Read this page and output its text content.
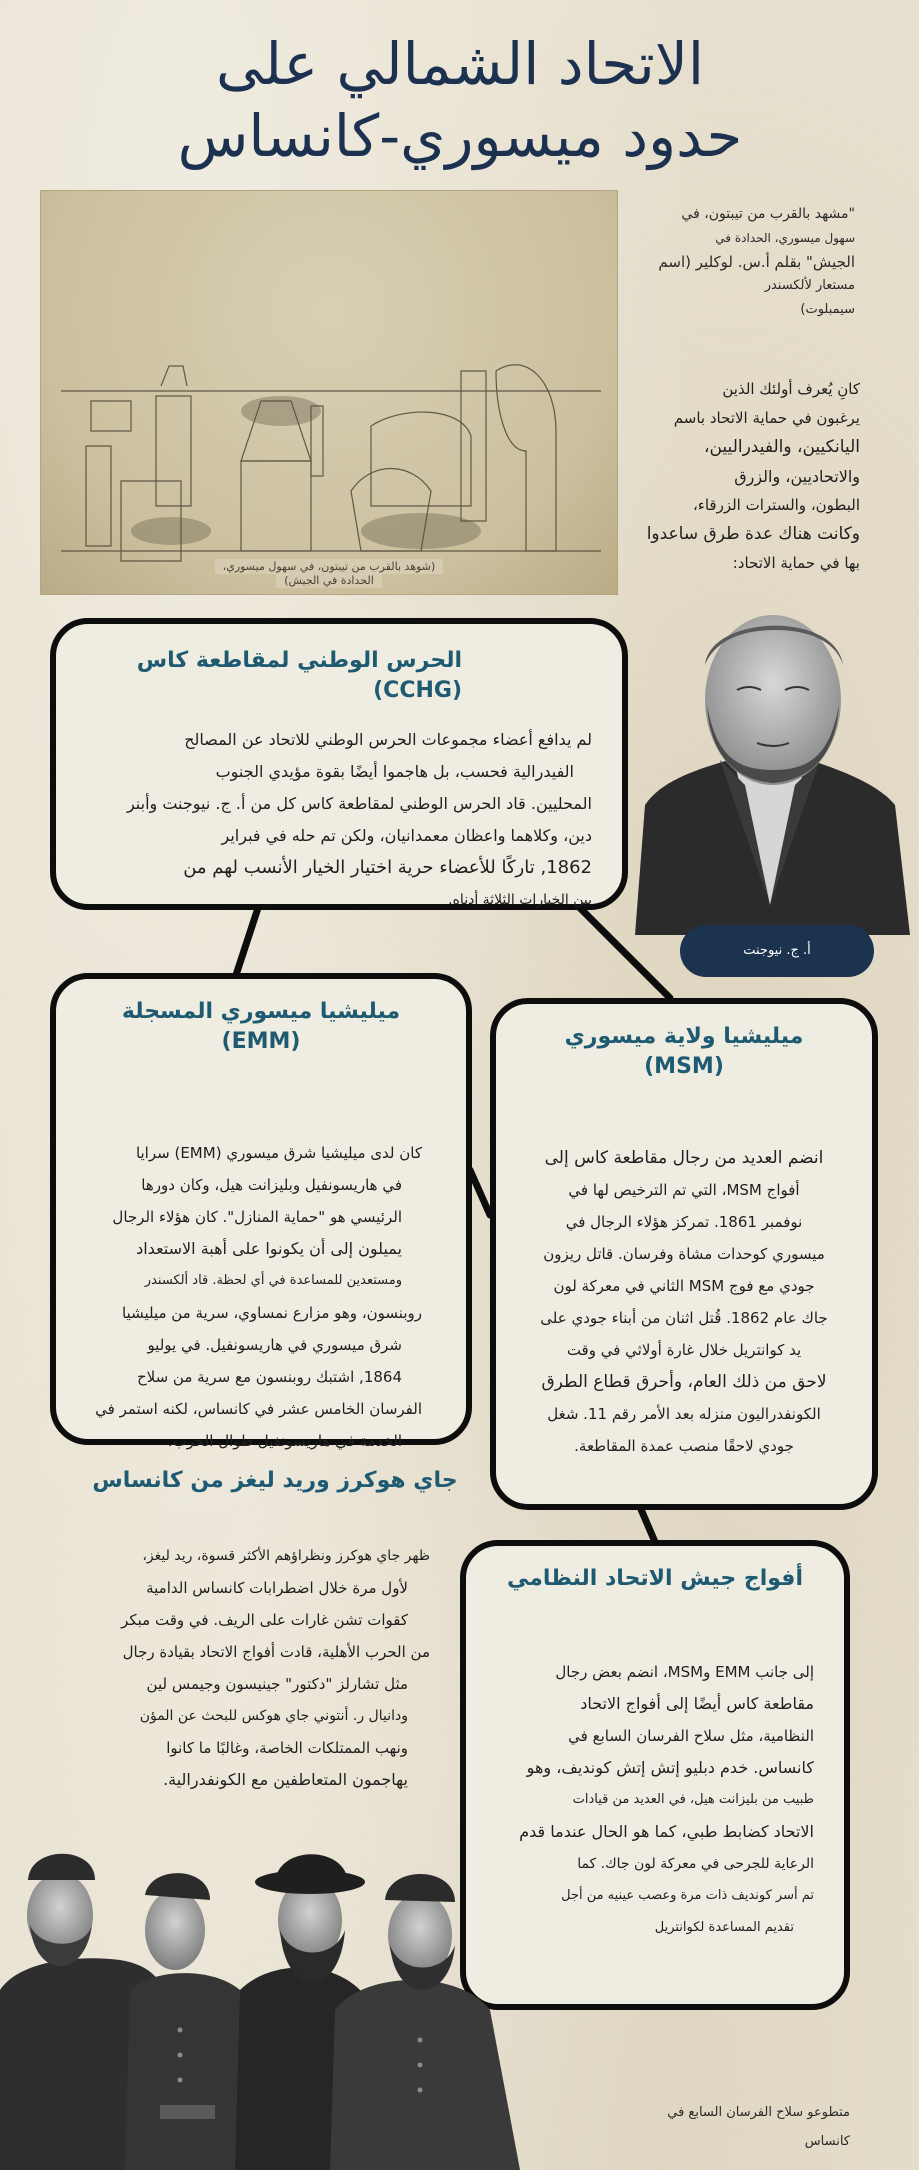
الاتحاد الشمالي على
حدود ميسوري-كانساس
(شوهد بالقرب من تيبتون، في سهول ميسوري،
الحدادة في الجيش)
"مشهد بالقرب من تيبتون، في
سهول ميسوري، الحدادة في
الجيش" بقلم أ.س. لوكلير (اسم
مستعار لألكسندر
سيمبلوت)
كانِ يُعرف أولئك الذين
يرغبون في حماية الاتحاد باسم
اليانكيين، والفيدراليين،
والاتحاديين، والزرق
البطون، والسترات الزرقاء،
وكانت هناك عدة طرق ساعدوا
بها في حماية الاتحاد:
الحرس الوطني لمقاطعة كاس (CCHG)
لم يدافع أعضاء مجموعات الحرس الوطني للاتحاد عن المصالح
الفيدرالية فحسب، بل هاجموا أيضًا بقوة مؤيدي الجنوب
المحليين. قاد الحرس الوطني لمقاطعة كاس كل من أ. ج. نيوجنت وأبنر
دين، وكلاهما واعظان معمدانيان، ولكن تم حله في فبراير
1862, تاركًا للأعضاء حرية اختيار الخيار الأنسب لهم من
بين الخيارات الثلاثة أدناه.
أ. ج. نيوجنت
ميليشيا ميسوري المسجلة (EMM)
كان لدى ميليشيا شرق ميسوري (EMM) سرايا
في هاريسونفيل وبليزانت هيل، وكان دورها
الرئيسي هو "حماية المنازل". كان هؤلاء الرجال
يميلون إلى أن يكونوا على أهبة الاستعداد
ومستعدين للمساعدة في أي لحظة. قاد ألكسندر
روبنسون، وهو مزارع نمساوي، سرية من ميليشيا
شرق ميسوري في هاريسونفيل. في يوليو
1864, اشتبك روبنسون مع سرية من سلاح
الفرسان الخامس عشر في كانساس، لكنه استمر في
الخدمة في هاريسونفيل طوال الحرب.
ميليشيا ولاية ميسوري (MSM)
انضم العديد من رجال مقاطعة كاس إلى
أفواج MSM، التي تم الترخيص لها في
نوفمبر 1861. تمركز هؤلاء الرجال في
ميسوري كوحدات مشاة وفرسان. قاتل ريزون
جودي مع فوج MSM الثاني في معركة لون
جاك عام 1862. قُتل اثنان من أبناء جودي على
يد كوانتريل خلال غارة أولاثي في وقت
لاحق من ذلك العام، وأحرق قطاع الطرق
الكونفدراليون منزله بعد الأمر رقم 11. شغل
جودي لاحقًا منصب عمدة المقاطعة.
جاي هوكرز وريد ليغز من كانساس
ظهر جاي هوكرز ونظراؤهم الأكثر قسوة، ريد ليغز،
لأول مرة خلال اضطرابات كانساس الدامية
كقوات تشن غارات على الريف. في وقت مبكر
من الحرب الأهلية، قادت أفواج الاتحاد بقيادة رجال
مثل تشارلز "دكتور" جينيسون وجيمس لين
ودانيال ر. أنتوني جاي هوكس للبحث عن المؤن
ونهب الممتلكات الخاصة، وغالبًا ما كانوا
يهاجمون المتعاطفين مع الكونفدرالية.
أفواج جيش الاتحاد النظامي
إلى جانب EMM وMSM، انضم بعض رجال
مقاطعة كاس أيضًا إلى أفواج الاتحاد
النظامية، مثل سلاح الفرسان السابع في
كانساس. خدم دبليو إتش إتش كونديف، وهو
طبيب من بليزانت هيل، في العديد من قيادات
الاتحاد كضابط طبي، كما هو الحال عندما قدم
الرعاية للجرحى في معركة لون جاك. كما
تم أسر كونديف ذات مرة وعصب عينيه من أجل
تقديم المساعدة لكوانتريل
متطوعو سلاح الفرسان السابع في
كانساس
